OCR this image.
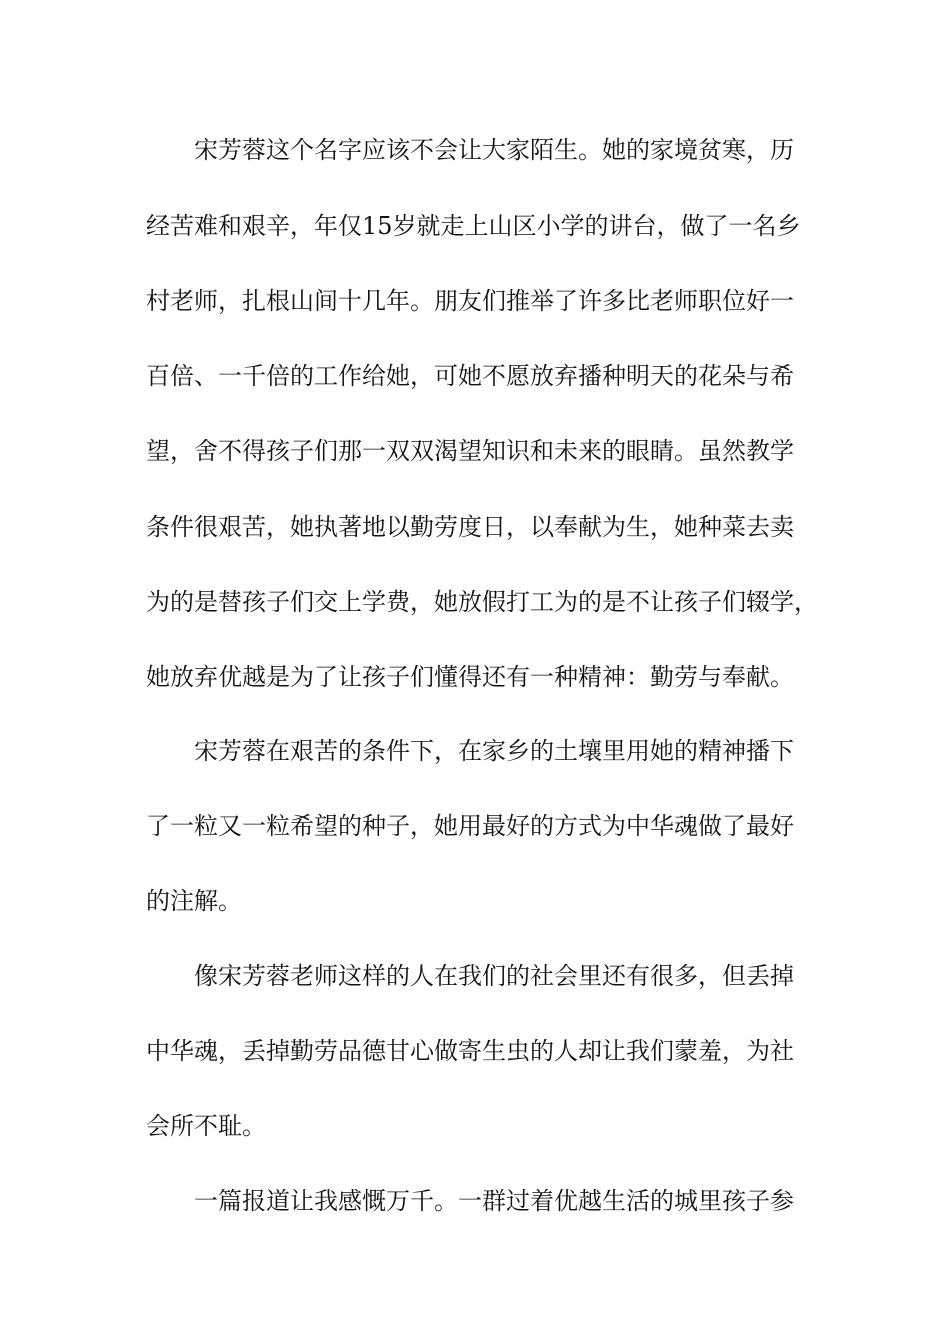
宋芳蓉这个名字应该不会让大家陌生。她的家境贫寒，历
经苦难和艰辛，年仅15岁就走上山区小学的讲台，做了一名乡
村老师，扎根山间十几年。朋友们推举了许多比老师职位好一
百倍、一千倍的工作给她，可她不愿放弃播种明天的花朵与希
望，舍不得孩子们那一双双渴望知识和未来的眼睛。虽然教学
条件很艰苦，她执著地以勤劳度日，以奉献为生，她种菜去卖
为的是替孩子们交上学费，她放假打工为的是不让孩子们辍学，
她放弃优越是为了让孩子们懂得还有一种精神：勤劳与奉献。
宋芳蓉在艰苦的条件下，在家乡的土壤里用她的精神播下
了一粒又一粒希望的种子，她用最好的方式为中华魂做了最好
的注解。
像宋芳蓉老师这样的人在我们的社会里还有很多，但丢掉
中华魂，丢掉勤劳品德甘心做寄生虫的人却让我们蒙羞，为社
会所不耻。
一篇报道让我感慨万千。一群过着优越生活的城里孩子参
